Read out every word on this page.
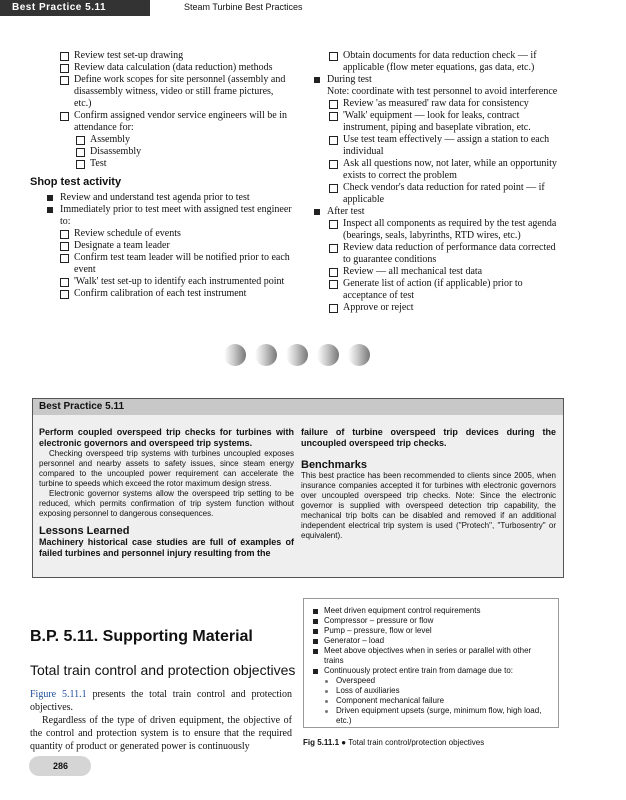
Best Practice 5.11	Steam Turbine Best Practices
Review test set-up drawing
Review data calculation (data reduction) methods
Define work scopes for site personnel (assembly and disassembly witness, video or still frame pictures, etc.)
Confirm assigned vendor service engineers will be in attendance for:
Assembly
Disassembly
Test
Shop test activity
Review and understand test agenda prior to test
Immediately prior to test meet with assigned test engineer to:
Review schedule of events
Designate a team leader
Confirm test team leader will be notified prior to each event
'Walk' test set-up to identify each instrumented point
Confirm calibration of each test instrument
Obtain documents for data reduction check — if applicable (flow meter equations, gas data, etc.)
During test
Note: coordinate with test personnel to avoid interference
Review 'as measured' raw data for consistency
'Walk' equipment — look for leaks, contract instrument, piping and baseplate vibration, etc.
Use test team effectively — assign a station to each individual
Ask all questions now, not later, while an opportunity exists to correct the problem
Check vendor's data reduction for rated point — if applicable
After test
Inspect all components as required by the test agenda (bearings, seals, labyrinths, RTD wires, etc.)
Review data reduction of performance data corrected to guarantee conditions
Review — all mechanical test data
Generate list of action (if applicable) prior to acceptance of test
Approve or reject
Best Practice 5.11
Perform coupled overspeed trip checks for turbines with electronic governors and overspeed trip systems.

Checking overspeed trip systems with turbines uncoupled exposes personnel and nearby assets to safety issues, since steam energy compared to the uncoupled power requirement can accelerate the turbine to speeds which exceed the rotor maximum design stress.

Electronic governor systems allow the overspeed trip setting to be reduced, which permits confirmation of trip system function without exposing personnel to dangerous consequences.

Lessons Learned
Machinery historical case studies are full of examples of failed turbines and personnel injury resulting from the
failure of turbine overspeed trip devices during the uncoupled overspeed trip checks.
Benchmarks
This best practice has been recommended to clients since 2005, when insurance companies accepted it for turbines with electronic governors over uncoupled overspeed trip checks. Note: Since the electronic governor is supplied with overspeed detection trip capability, the mechanical trip bolts can be disabled and removed if an additional independent electrical trip system is used ("Protech", "Turbosentry" or equivalent).
B.P. 5.11. Supporting Material
Total train control and protection objectives
Figure 5.11.1 presents the total train control and protection objectives.
Regardless of the type of driven equipment, the objective of the control and protection system is to ensure that the required quantity of product or generated power is continuously
Meet driven equipment control requirements
Compressor – pressure or flow
Pump – pressure, flow or level
Generator – load
Meet above objectives when in series or parallel with other trains
Continuously protect entire train from damage due to:
Overspeed
Loss of auxiliaries
Component mechanical failure
Driven equipment upsets (surge, minimum flow, high load, etc.)
Fig 5.11.1 ● Total train control/protection objectives
286
